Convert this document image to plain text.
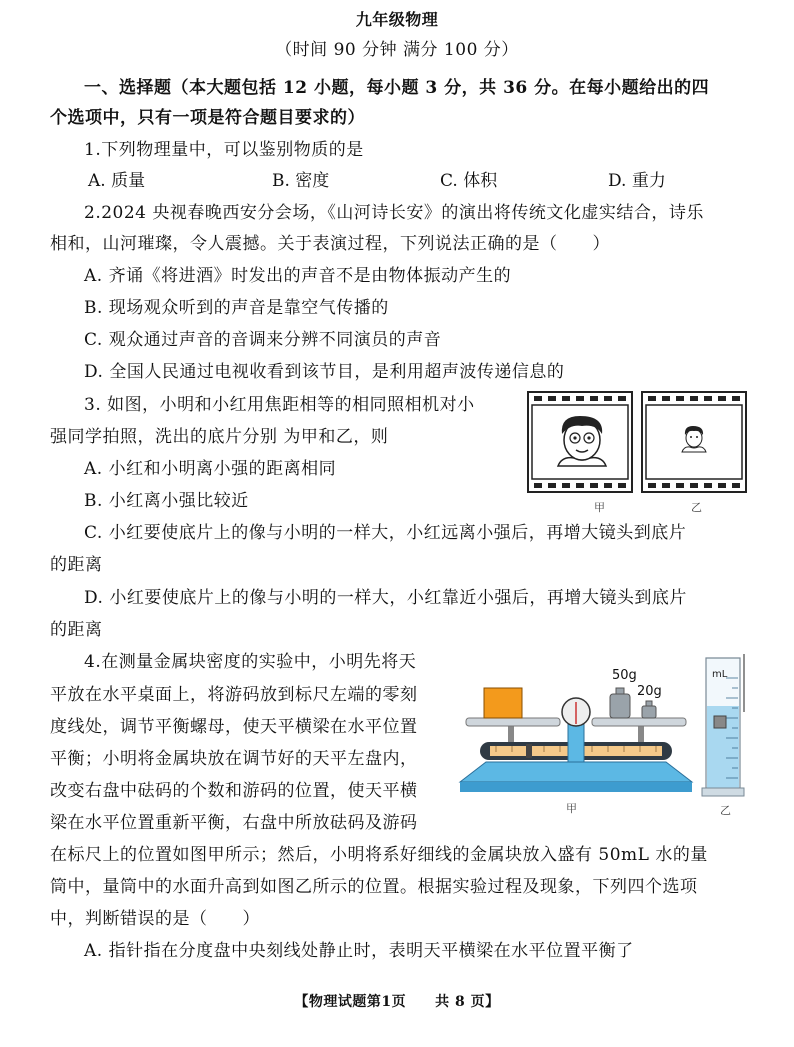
九年级物理
（时间 90 分钟 满分 100 分）
一、选择题（本大题包括 12 小题，每小题 3 分，共 36 分。在每小题给出的四
个选项中，只有一项是符合题目要求的）
1.下列物理量中，可以鉴别物质的是
A. 质量	B. 密度	C. 体积	D. 重力
2.2024 央视春晚西安分会场，《山河诗长安》的演出将传统文化虚实结合，诗乐
相和，山河璀璨，令人震撼。关于表演过程，下列说法正确的是（　　）
A. 齐诵《将进酒》时发出的声音不是由物体振动产生的
B. 现场观众听到的声音是靠空气传播的
C. 观众通过声音的音调来分辨不同演员的声音
D. 全国人民通过电视收看到该节目，是利用超声波传递信息的
3. 如图，小明和小红用焦距相等的相同照相机对小
强同学拍照，洗出的底片分别 为甲和乙，则
A. 小红和小明离小强的距离相同
B. 小红离小强比较近
C. 小红要使底片上的像与小明的一样大，小红远离小强后，再增大镜头到底片
的距离
D. 小红要使底片上的像与小明的一样大，小红靠近小强后，再增大镜头到底片
的距离
甲	乙
4.在测量金属块密度的实验中，小明先将天
平放在水平桌面上，将游码放到标尺左端的零刻
度线处，调节平衡螺母，使天平横梁在水平位置
平衡；小明将金属块放在调节好的天平左盘内，
改变右盘中砝码的个数和游码的位置，使天平横
梁在水平位置重新平衡，右盘中所放砝码及游码
在标尺上的位置如图甲所示；然后，小明将系好细线的金属块放入盛有 50mL 水的量
筒中，量筒中的水面升高到如图乙所示的位置。根据实验过程及现象，下列四个选项
中，判断错误的是（　　）
A. 指针指在分度盘中央刻线处静止时，表明天平横梁在水平位置平衡了
50g
20g
甲
mL
乙
【物理试题第1页　　共 8 页】
